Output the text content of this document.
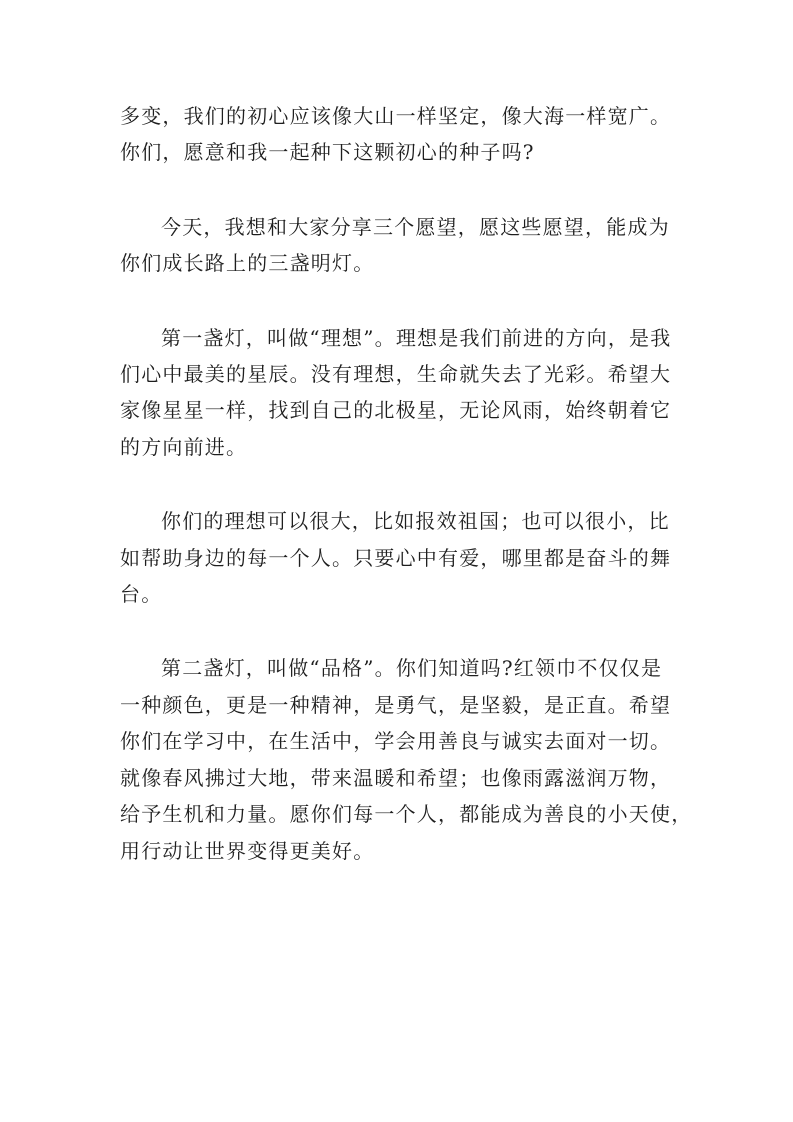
多变，我们的初心应该像大山一样坚定，像大海一样宽广。
你们，愿意和我一起种下这颗初心的种子吗?

今天，我想和大家分享三个愿望，愿这些愿望，能成为
你们成长路上的三盏明灯。

第一盏灯，叫做“理想”。理想是我们前进的方向，是我
们心中最美的星辰。没有理想，生命就失去了光彩。希望大
家像星星一样，找到自己的北极星，无论风雨，始终朝着它
的方向前进。

你们的理想可以很大，比如报效祖国；也可以很小，比
如帮助身边的每一个人。只要心中有爱，哪里都是奋斗的舞
台。

第二盏灯，叫做“品格”。你们知道吗?红领巾不仅仅是
一种颜色，更是一种精神，是勇气，是坚毅，是正直。希望
你们在学习中，在生活中，学会用善良与诚实去面对一切。
就像春风拂过大地，带来温暖和希望；也像雨露滋润万物，
给予生机和力量。愿你们每一个人，都能成为善良的小天使，
用行动让世界变得更美好。
